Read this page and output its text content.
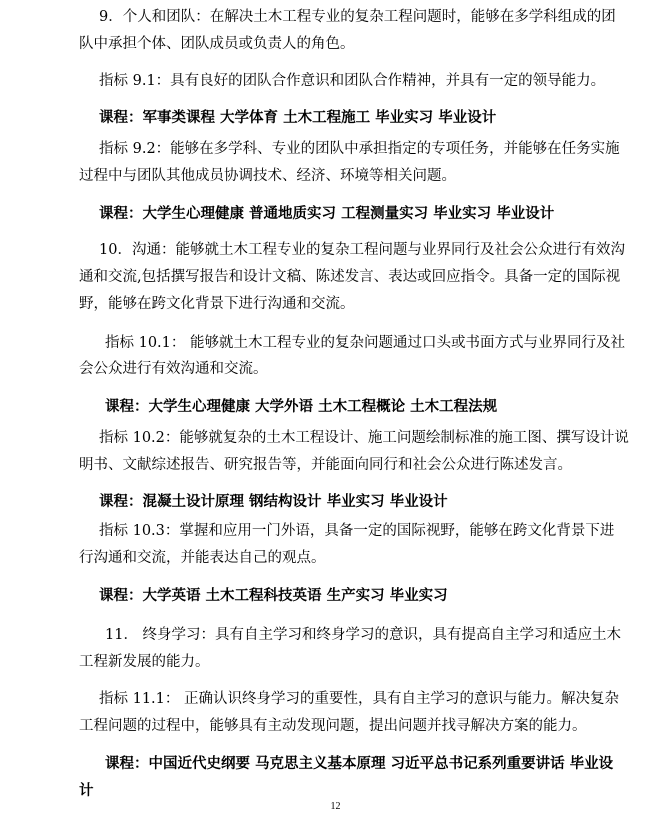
9．个人和团队：在解决土木工程专业的复杂工程问题时，能够在多学科组成的团
队中承担个体、团队成员或负责人的角色。
指标 9.1：具有良好的团队合作意识和团队合作精神，并具有一定的领导能力。
课程：军事类课程 大学体育 土木工程施工 毕业实习 毕业设计
指标 9.2：能够在多学科、专业的团队中承担指定的专项任务，并能够在任务实施
过程中与团队其他成员协调技术、经济、环境等相关问题。
课程：大学生心理健康 普通地质实习 工程测量实习 毕业实习 毕业设计
10．沟通：能够就土木工程专业的复杂工程问题与业界同行及社会公众进行有效沟
通和交流,包括撰写报告和设计文稿、陈述发言、表达或回应指令。具备一定的国际视
野，能够在跨文化背景下进行沟通和交流。
指标 10.1： 能够就土木工程专业的复杂问题通过口头或书面方式与业界同行及社
会公众进行有效沟通和交流。
课程：大学生心理健康 大学外语 土木工程概论 土木工程法规
指标 10.2：能够就复杂的土木工程设计、施工问题绘制标准的施工图、撰写设计说
明书、文献综述报告、研究报告等，并能面向同行和社会公众进行陈述发言。
课程：混凝土设计原理 钢结构设计 毕业实习 毕业设计
指标 10.3：掌握和应用一门外语，具备一定的国际视野，能够在跨文化背景下进
行沟通和交流，并能表达自己的观点。
课程：大学英语 土木工程科技英语 生产实习 毕业实习
11． 终身学习：具有自主学习和终身学习的意识，具有提高自主学习和适应土木
工程新发展的能力。
指标 11.1： 正确认识终身学习的重要性，具有自主学习的意识与能力。解决复杂
工程问题的过程中，能够具有主动发现问题，提出问题并找寻解决方案的能力。
课程：中国近代史纲要 马克思主义基本原理 习近平总书记系列重要讲话 毕业设
计
12
